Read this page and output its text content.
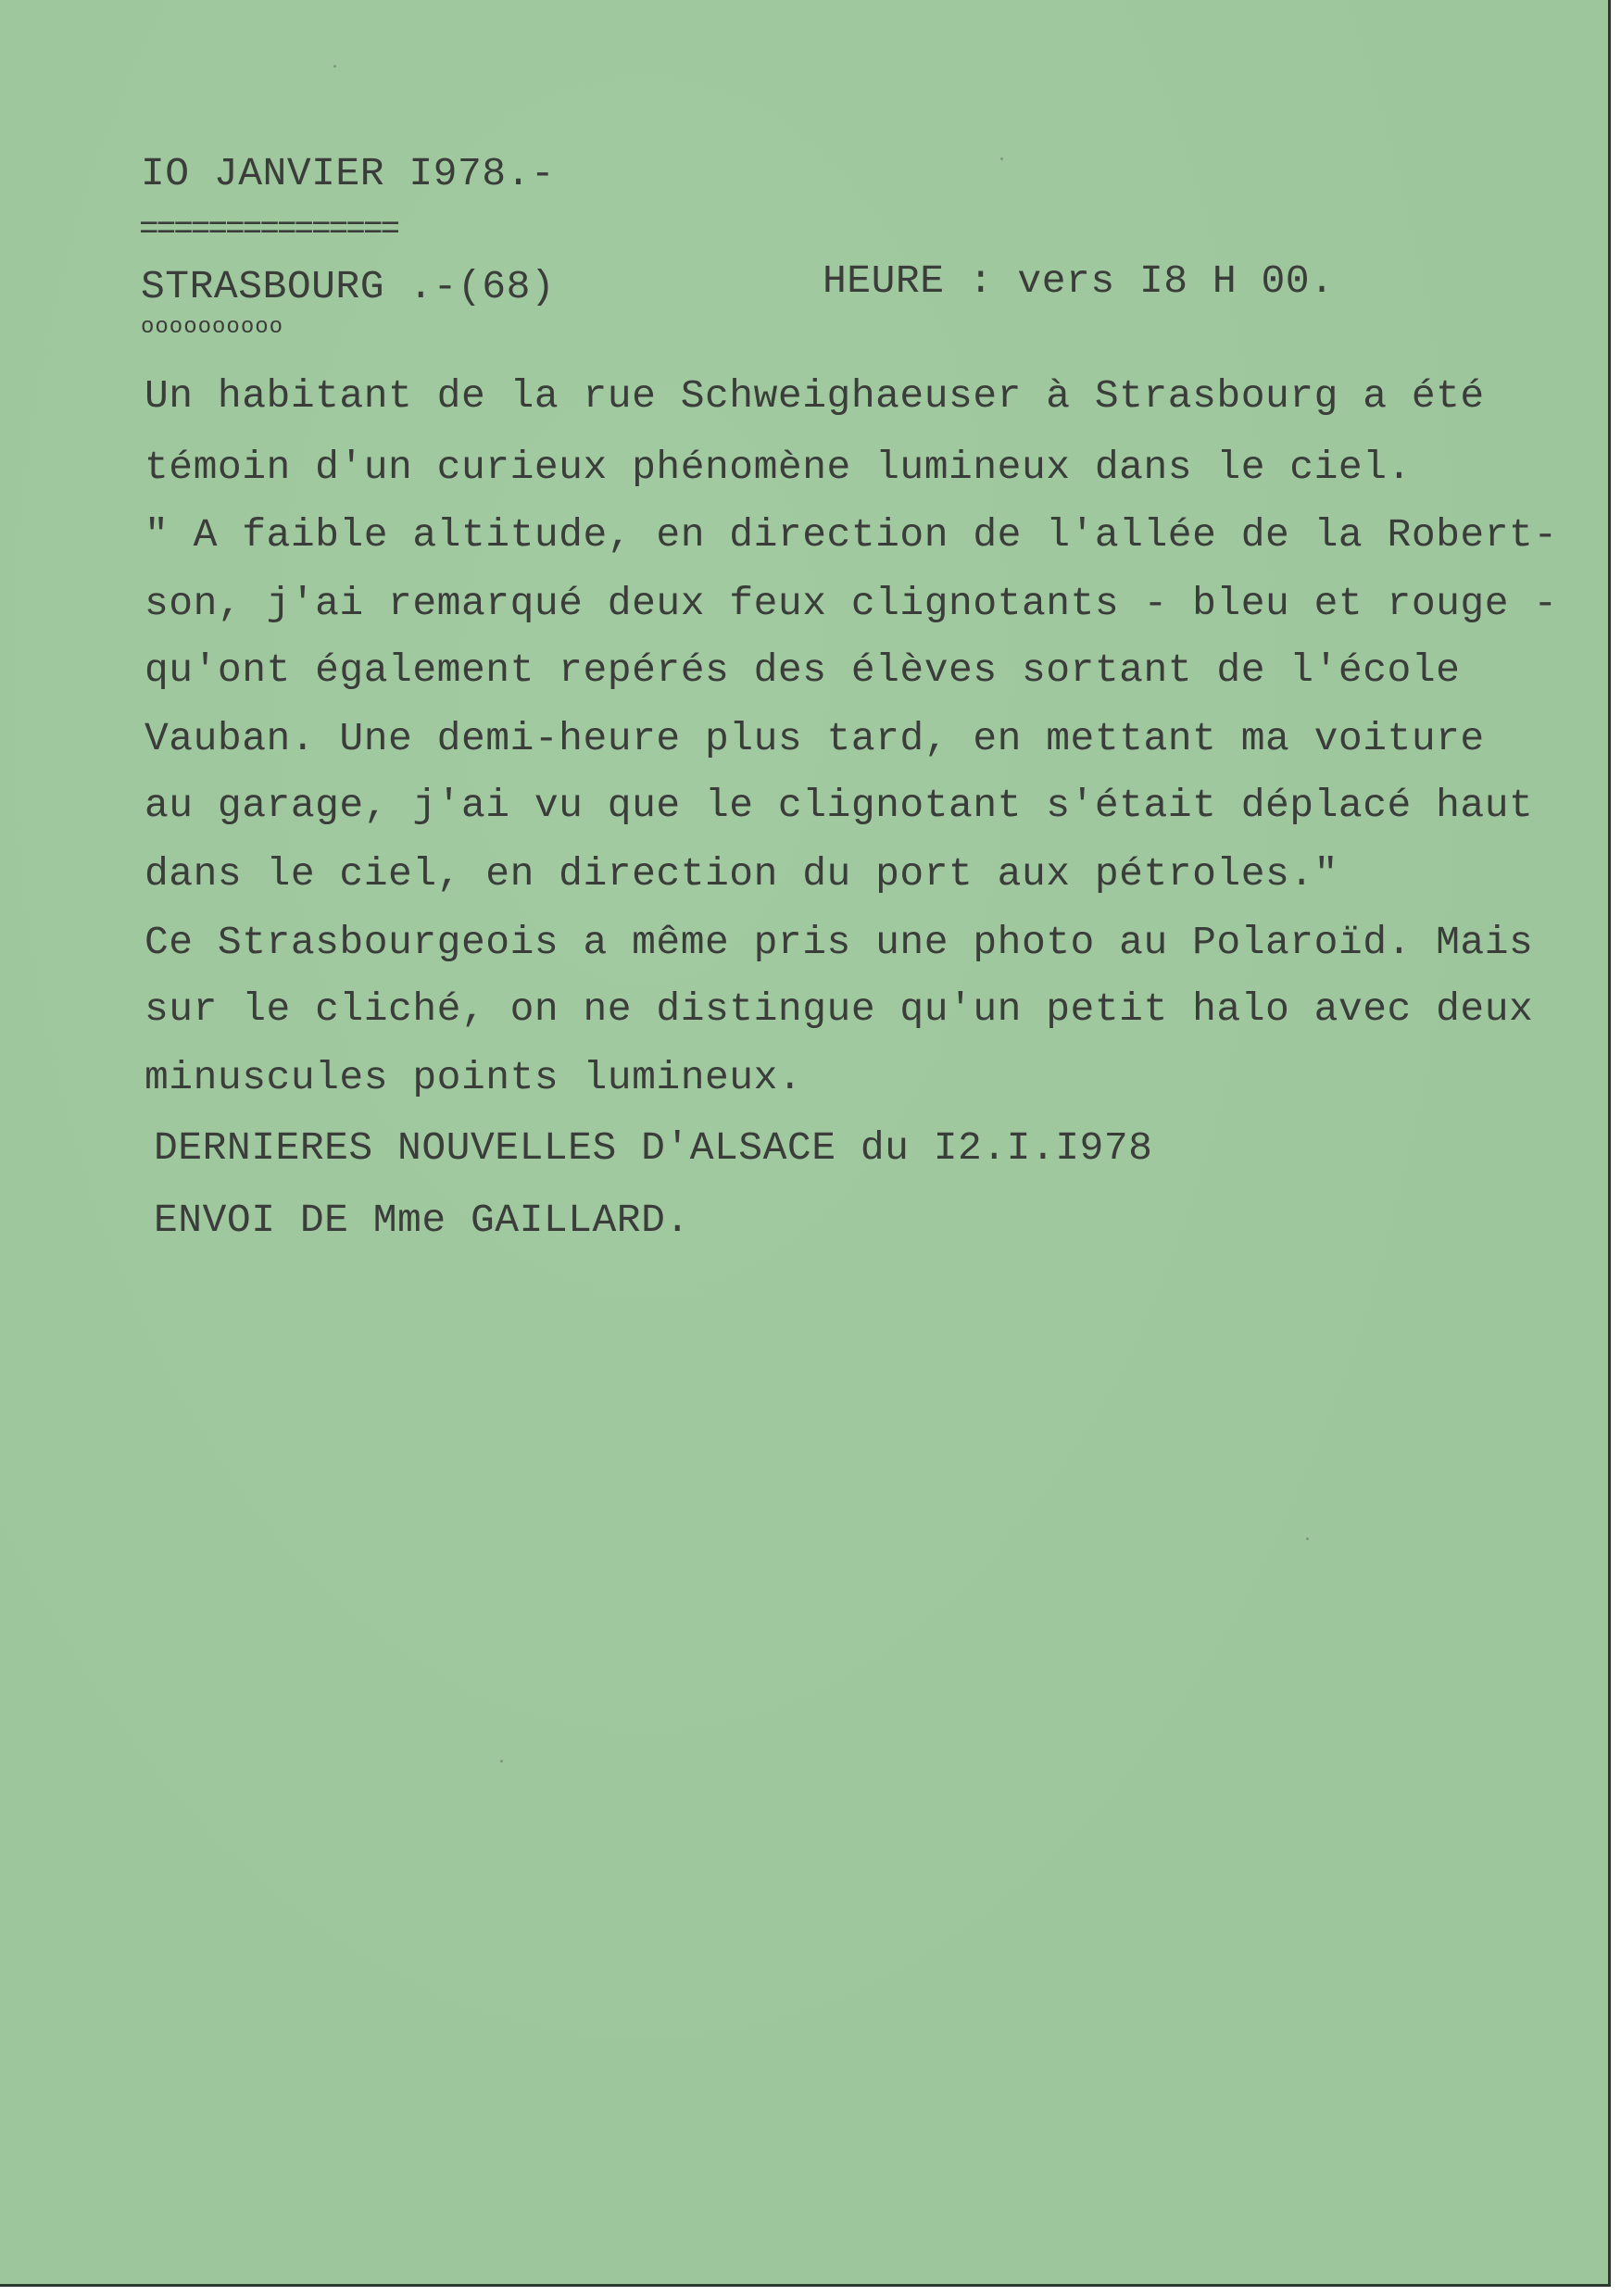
IO JANVIER I978.-

===============

STRASBOURG .-(68)	HEURE : vers I8 H 00.

oooooooooo

Un habitant de la rue Schweighaeuser à Strasbourg a été

témoin d'un curieux phénomène lumineux dans le ciel.

" A faible altitude, en direction de l'allée de la Robert-

son, j'ai remarqué deux feux clignotants - bleu et rouge -

qu'ont également repérés des élèves sortant de l'école

Vauban. Une demi-heure plus tard, en mettant ma voiture

au garage, j'ai vu que le clignotant s'était déplacé haut

dans le ciel, en direction du port aux pétroles."

Ce Strasbourgeois a même pris une photo au Polaroïd. Mais

sur le cliché, on ne distingue qu'un petit halo avec deux

minuscules points lumineux.

DERNIERES NOUVELLES D'ALSACE du I2.I.I978

ENVOI DE Mme GAILLARD.
